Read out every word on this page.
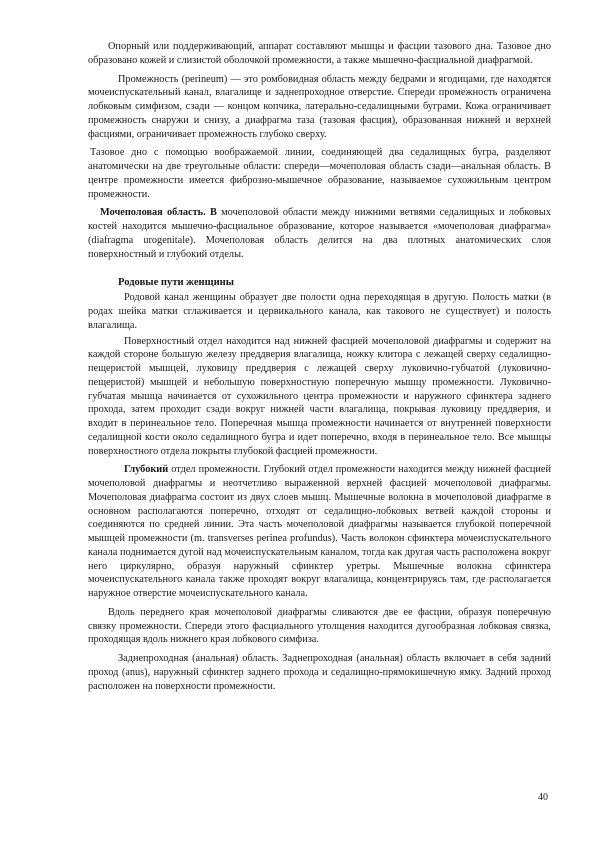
Опорный или поддерживающий, аппарат составляют мышцы и фасции тазового дна. Тазовое дно образовано кожей и слизистой оболочкой промежности, а также мышечно-фасциальной диафрагмой.

Промежность (perineum) — это ромбовидная область между бедрами и ягодицами, где находятся мочеиспускательный канал, влагалище и заднепроходное отверстие. Спереди промежность ограничена лобковым симфизом, сзади — концом копчика, латерально-седалищными буграми. Кожа ограничивает промежность снаружи и снизу, а диафрагма таза (тазовая фасция), образованная нижней и верхней фасциями, ограничивает промежность глубоко сверху.

Тазовое дно с помощью воображаемой линии, соединяющей два седалищных бугра, разделяют анатомически на две треугольные области: спереди—мочеполовая область сзади—анальная область. В центре промежности имеется фиброзно-мышечное образование, называемое сухожильным центром промежности.

Мочеполовая область. В мочеполовой области между нижними ветвями седалищных и лобковых костей находится мышечно-фасциальное образование, которое называется «мочеполовая диафрагма» (diafragma urogenitale). Мочеполовая область делится на два плотных анатомических слоя поверхностный и глубокий отделы.

Родовые пути женщины

Родовой канал женщины образует две полости одна переходящая в другую. Полость матки (в родах шейка матки сглаживается и цервикального канала, как такового не существует) и полость влагалища.

Поверхностный отдел находится над нижней фасцией мочеполовой диафрагмы и содержит на каждой стороне большую железу преддверия влагалища, ножку клитора с лежащей сверху седалищно-пещеристой мышцей, луковицу преддверия с лежащей сверху луковично-губчатой (луковично-пещеристой) мышцей и небольшую поверхностную поперечную мышцу промежности. Луковично-губчатая мышца начинается от сухожильного центра промежности и наружного сфинктера заднего прохода, затем проходит сзади вокруг нижней части влагалища, покрывая луковицу преддверия, и входит в перинеальное тело. Поперечная мышца промежности начинается от внутренней поверхности седалищной кости около седалищного бугра и идет поперечно, входя в перинеальное тело. Все мышцы поверхностного отдела покрыты глубокой фасцией промежности.

Глубокий отдел промежности. Глубокий отдел промежности находится между нижней фасцией мочеполовой диафрагмы и неотчетливо выраженной верхней фасцией мочеполовой диафрагмы. Мочеполовая диафрагма состоит из двух слоев мышц. Мышечные волокна в мочеполовой диафрагме в основном располагаются поперечно, отходят от седалищно-лобковых ветвей каждой стороны и соединяются по средней линии. Эта часть мочеполовой диафрагмы называется глубокой поперечной мышцей промежности (m. transverses perinea profundus). Часть волокон сфинктера мочеиспускательного канала поднимается дугой над мочеиспускательным каналом, тогда как другая часть расположена вокруг него циркулярно, образуя наружный сфинктер уретры. Мышечные волокна сфинктера мочеиспускательного канала также проходят вокруг влагалища, концентрируясь там, где располагается наружное отверстие мочеиспускательного канала.

Вдоль переднего края мочеполовой диафрагмы сливаются две ее фасции, образуя поперечную связку промежности. Спереди этого фасциального утолщения находится дугообразная лобковая связка, проходящая вдоль нижнего края лобкового симфиза.

Заднепроходная (анальная) область. Заднепроходная (анальная) область включает в себя задний проход (anus), наружный сфинктер заднего прохода и седалищно-прямокишечную ямку. Задний проход расположен на поверхности промежности.

40
